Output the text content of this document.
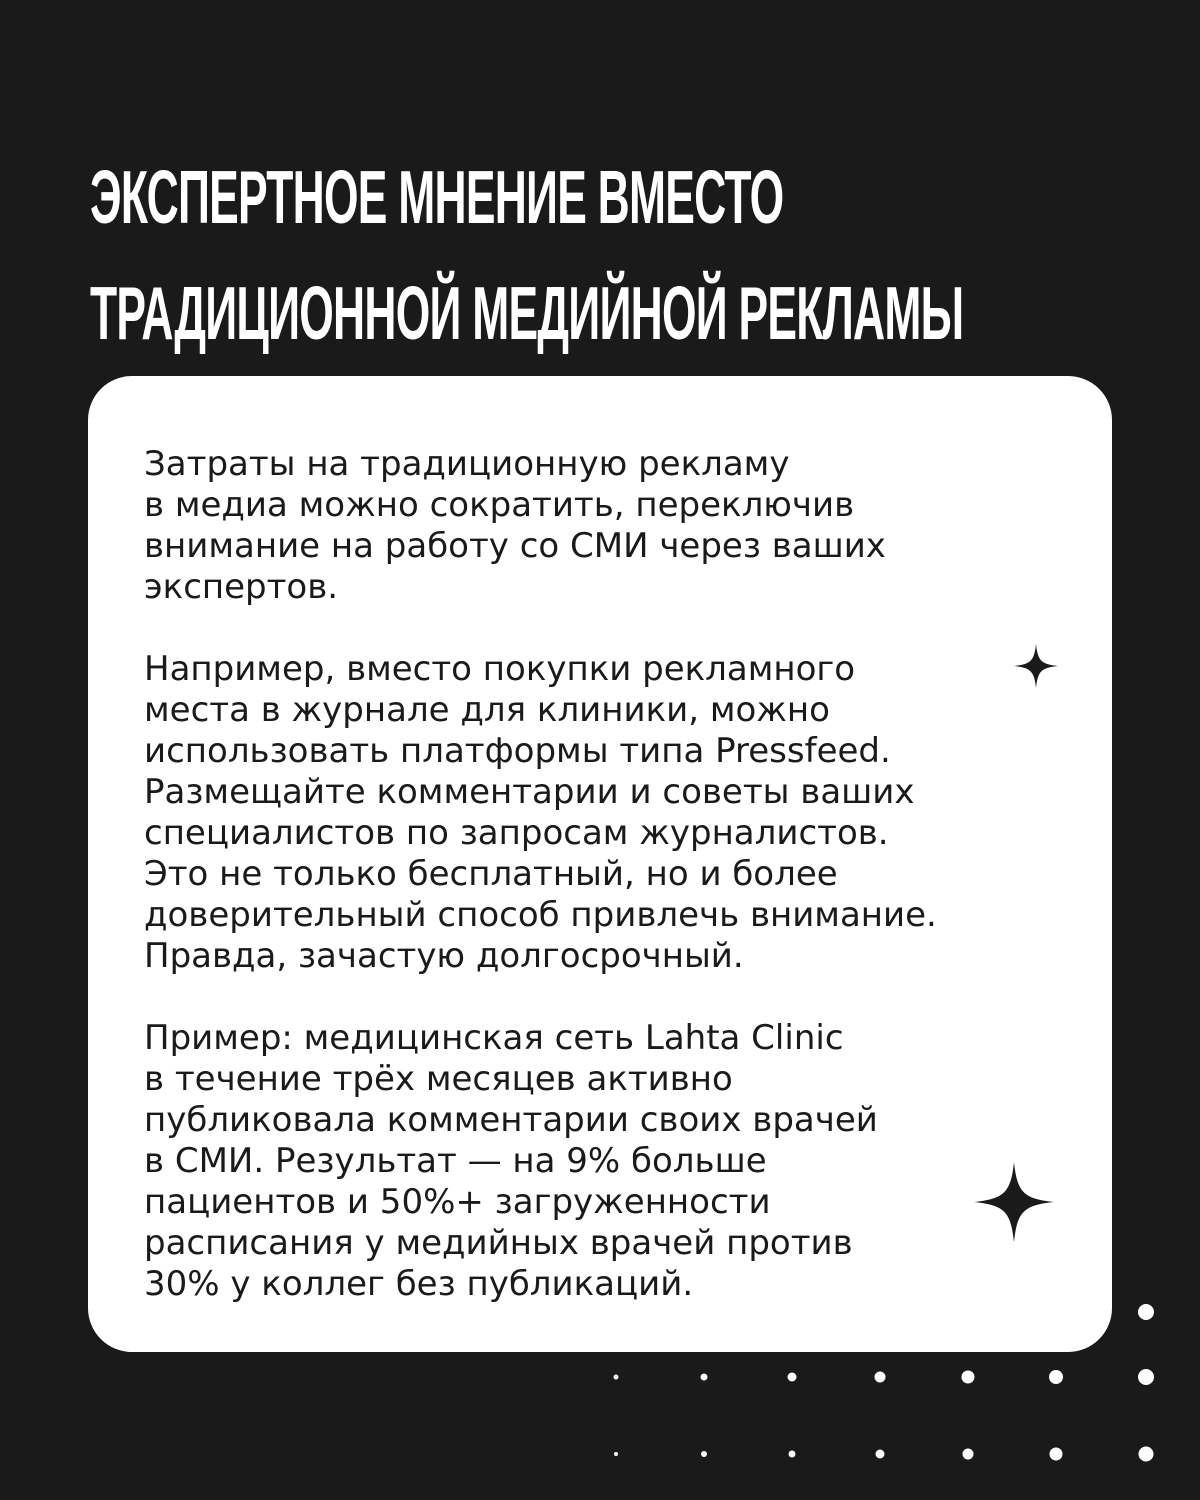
ЭКСПЕРТНОЕ МНЕНИЕ ВМЕСТО
ТРАДИЦИОННОЙ МЕДИЙНОЙ РЕКЛАМЫ

Затраты на традиционную рекламу
в медиа можно сократить, переключив
внимание на работу со СМИ через ваших
экспертов.

Например, вместо покупки рекламного
места в журнале для клиники, можно
использовать платформы типа Pressfeed.
Размещайте комментарии и советы ваших
специалистов по запросам журналистов.
Это не только бесплатный, но и более
доверительный способ привлечь внимание.
Правда, зачастую долгосрочный.

Пример: медицинская сеть Lahta Clinic
в течение трёх месяцев активно
публиковала комментарии своих врачей
в СМИ. Результат — на 9% больше
пациентов и 50%+ загруженности
расписания у медийных врачей против
30% у коллег без публикаций.
